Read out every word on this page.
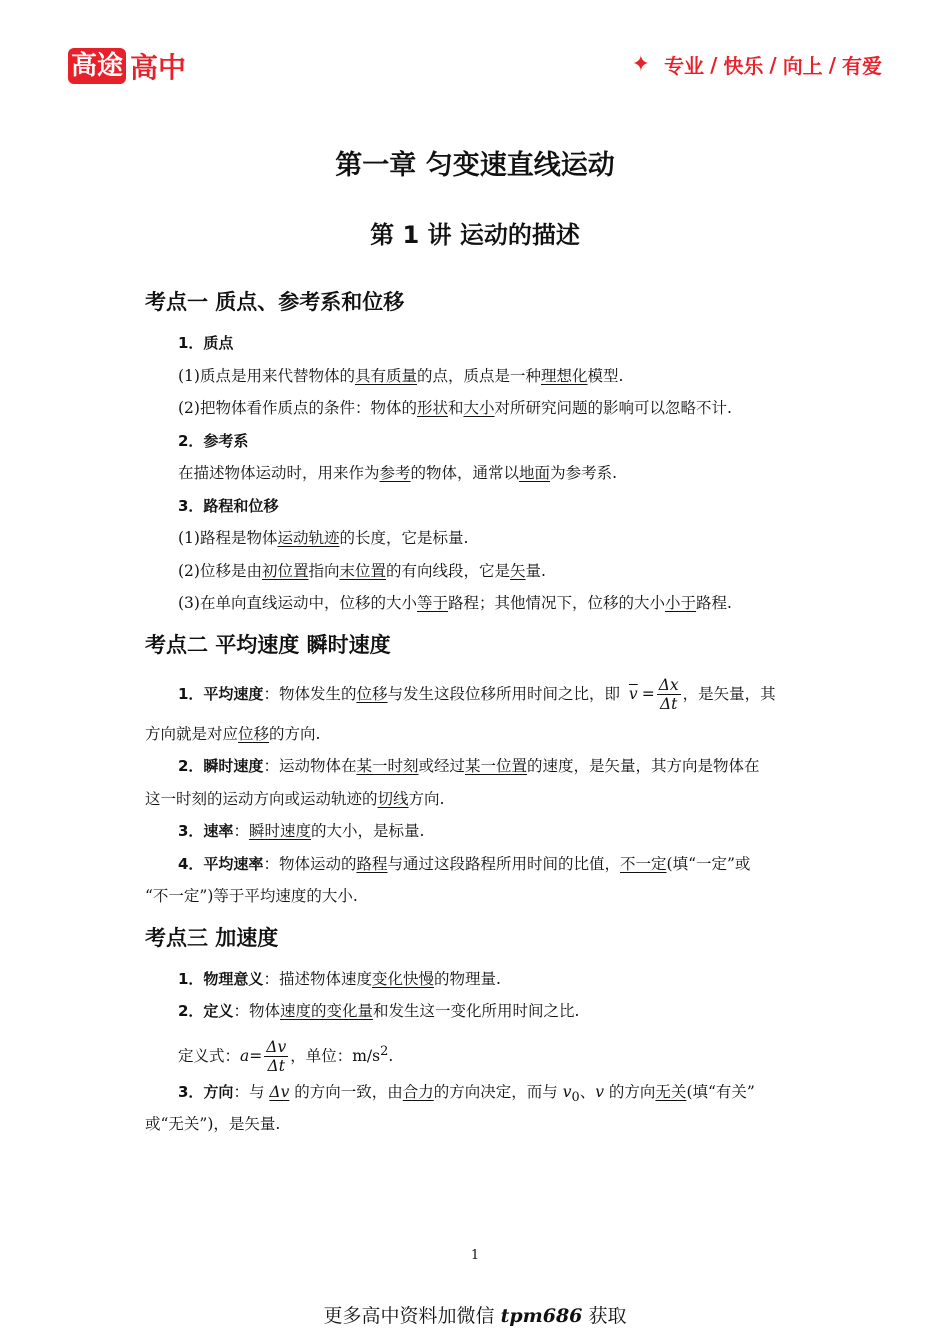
高途 高中	✦ 专业 / 快乐 / 向上 / 有爱
第一章 匀变速直线运动
第 1 讲 运动的描述
考点一 质点、参考系和位移
1．质点
(1)质点是用来代替物体的具有质量的点，质点是一种理想化模型.
(2)把物体看作质点的条件：物体的形状和大小对所研究问题的影响可以忽略不计.
2．参考系
在描述物体运动时，用来作为参考的物体，通常以地面为参考系.
3．路程和位移
(1)路程是物体运动轨迹的长度，它是标量.
(2)位移是由初位置指向末位置的有向线段，它是矢量.
(3)在单向直线运动中，位移的大小等于路程；其他情况下，位移的大小小于路程.
考点二 平均速度 瞬时速度
1．平均速度：物体发生的位移与发生这段位移所用时间之比，即 $\overline{v} = \frac{\Delta x}{\Delta t}$ ，是矢量，其
方向就是对应位移的方向.
2．瞬时速度：运动物体在某一时刻或经过某一位置的速度，是矢量，其方向是物体在
这一时刻的运动方向或运动轨迹的切线方向.
3．速率：瞬时速度的大小，是标量.
4．平均速率：物体运动的路程与通过这段路程所用时间的比值，不一定(填“一定”或
“不一定”)等于平均速度的大小.
考点三 加速度
1．物理意义：描述物体速度变化快慢的物理量.
2．定义：物体速度的变化量和发生这一变化所用时间之比.
定义式：$a= \frac{\Delta v}{\Delta t}$ ，单位：$m/s^2$.
3．方向：与 Δv 的方向一致，由合力的方向决定，而与 $v_0$、v 的方向无关(填“有关”
或“无关”)，是矢量.
1
更多高中资料加微信 tpm686 获取
